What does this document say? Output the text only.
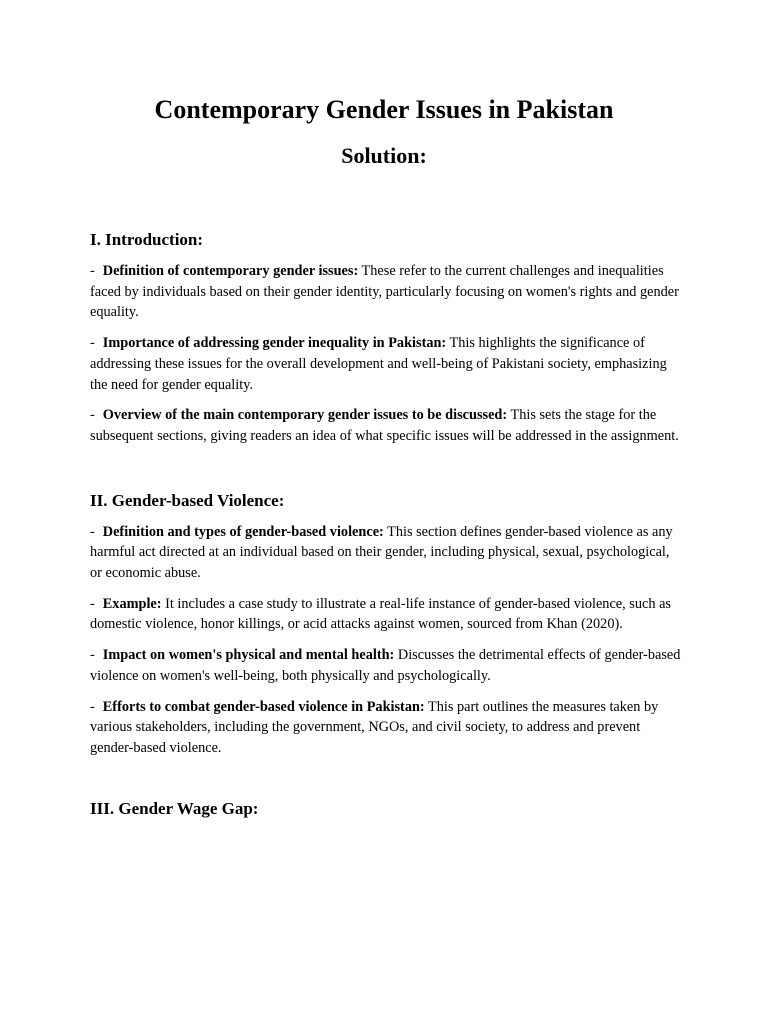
Contemporary Gender Issues in Pakistan
Solution:
I. Introduction:

- Definition of contemporary gender issues: These refer to the current challenges and inequalities faced by individuals based on their gender identity, particularly focusing on women's rights and gender equality.

- Importance of addressing gender inequality in Pakistan: This highlights the significance of addressing these issues for the overall development and well-being of Pakistani society, emphasizing the need for gender equality.

- Overview of the main contemporary gender issues to be discussed: This sets the stage for the subsequent sections, giving readers an idea of what specific issues will be addressed in the assignment.

II. Gender-based Violence:

- Definition and types of gender-based violence: This section defines gender-based violence as any harmful act directed at an individual based on their gender, including physical, sexual, psychological, or economic abuse.

- Example: It includes a case study to illustrate a real-life instance of gender-based violence, such as domestic violence, honor killings, or acid attacks against women, sourced from Khan (2020).

- Impact on women's physical and mental health: Discusses the detrimental effects of gender-based violence on women's well-being, both physically and psychologically.

- Efforts to combat gender-based violence in Pakistan: This part outlines the measures taken by various stakeholders, including the government, NGOs, and civil society, to address and prevent gender-based violence.

III. Gender Wage Gap:
